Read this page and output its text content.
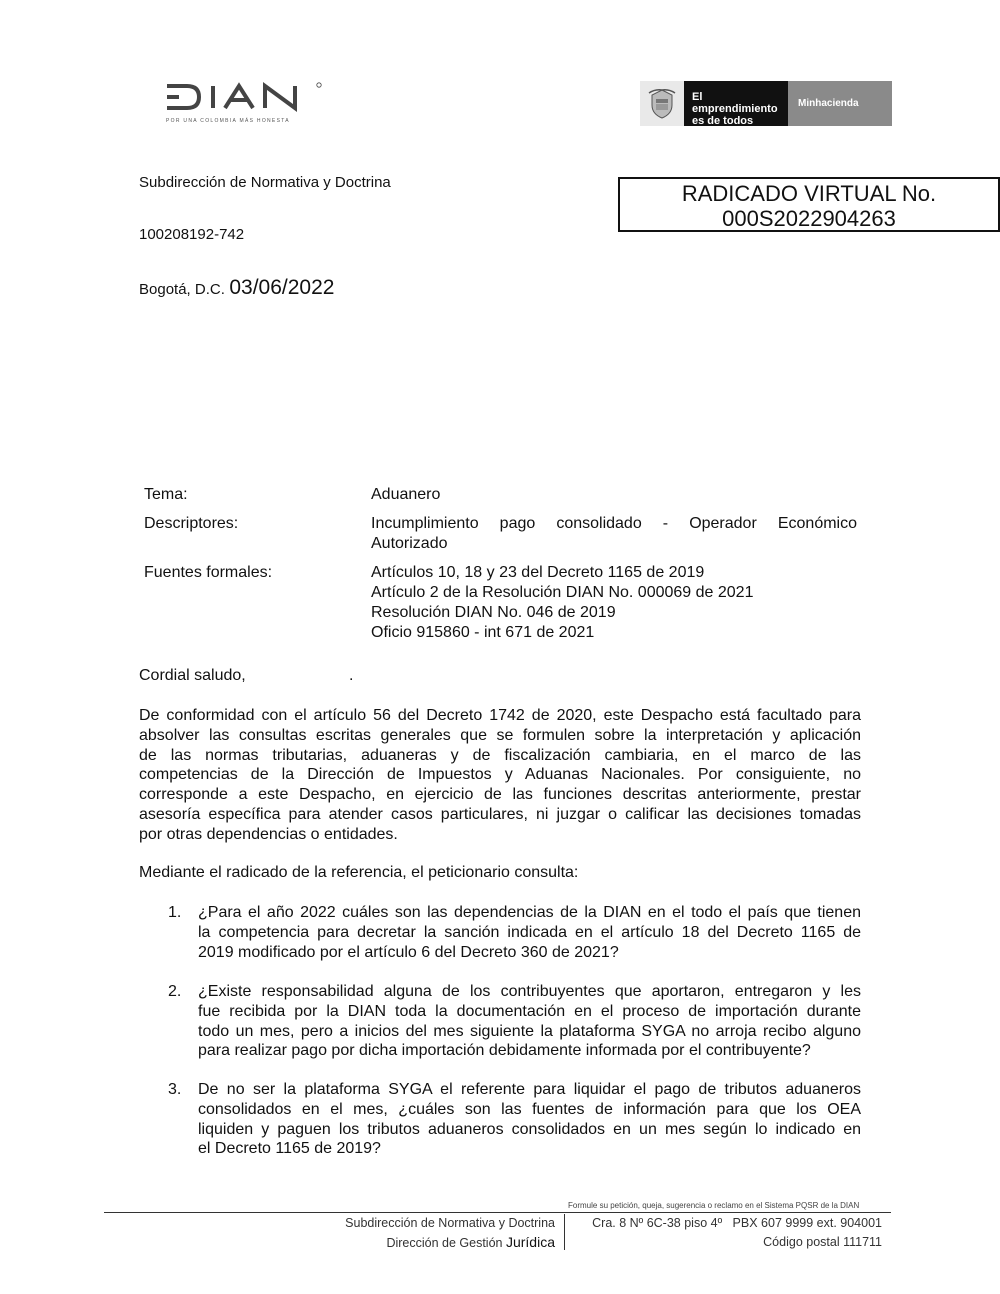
POR UNA COLOMBIA MÁS HONESTA
El emprendimiento
es de todos
Minhacienda
Subdirección de Normativa y Doctrina
100208192-742
Bogotá, D.C. 03/06/2022
RADICADO VIRTUAL No.
000S2022904263
Tema:	Aduanero
Descriptores:	Incumplimiento pago consolidado - Operador Económico
Autorizado
Fuentes formales:	Artículos 10, 18 y 23 del Decreto 1165 de 2019
Artículo 2 de la Resolución DIAN No. 000069 de 2021
Resolución DIAN No. 046 de 2019
Oficio 915860 - int 671 de 2021
Cordial saludo,	.
De conformidad con el artículo 56 del Decreto 1742 de 2020, este Despacho está facultado para
absolver las consultas escritas generales que se formulen sobre la interpretación y aplicación
de las normas tributarias, aduaneras y de fiscalización cambiaria, en el marco de las
competencias de la Dirección de Impuestos y Aduanas Nacionales. Por consiguiente, no
corresponde a este Despacho, en ejercicio de las funciones descritas anteriormente, prestar
asesoría específica para atender casos particulares, ni juzgar o calificar las decisiones tomadas
por otras dependencias o entidades.
Mediante el radicado de la referencia, el peticionario consulta:
1. ¿Para el año 2022 cuáles son las dependencias de la DIAN en el todo el país que tienen
la competencia para decretar la sanción indicada en el artículo 18 del Decreto 1165 de
2019 modificado por el artículo 6 del Decreto 360 de 2021?
2. ¿Existe responsabilidad alguna de los contribuyentes que aportaron, entregaron y les
fue recibida por la DIAN toda la documentación en el proceso de importación durante
todo un mes, pero a inicios del mes siguiente la plataforma SYGA no arroja recibo alguno
para realizar pago por dicha importación debidamente informada por el contribuyente?
3. De no ser la plataforma SYGA el referente para liquidar el pago de tributos aduaneros
consolidados en el mes, ¿cuáles son las fuentes de información para que los OEA
liquiden y paguen los tributos aduaneros consolidados en un mes según lo indicado en
el Decreto 1165 de 2019?
Formule su petición, queja, sugerencia o reclamo en el Sistema PQSR de la DIAN
Subdirección de Normativa y Doctrina
Dirección de Gestión Jurídica
Cra. 8 Nº 6C-38 piso 4º   PBX 607 9999 ext. 904001
Código postal 111711
